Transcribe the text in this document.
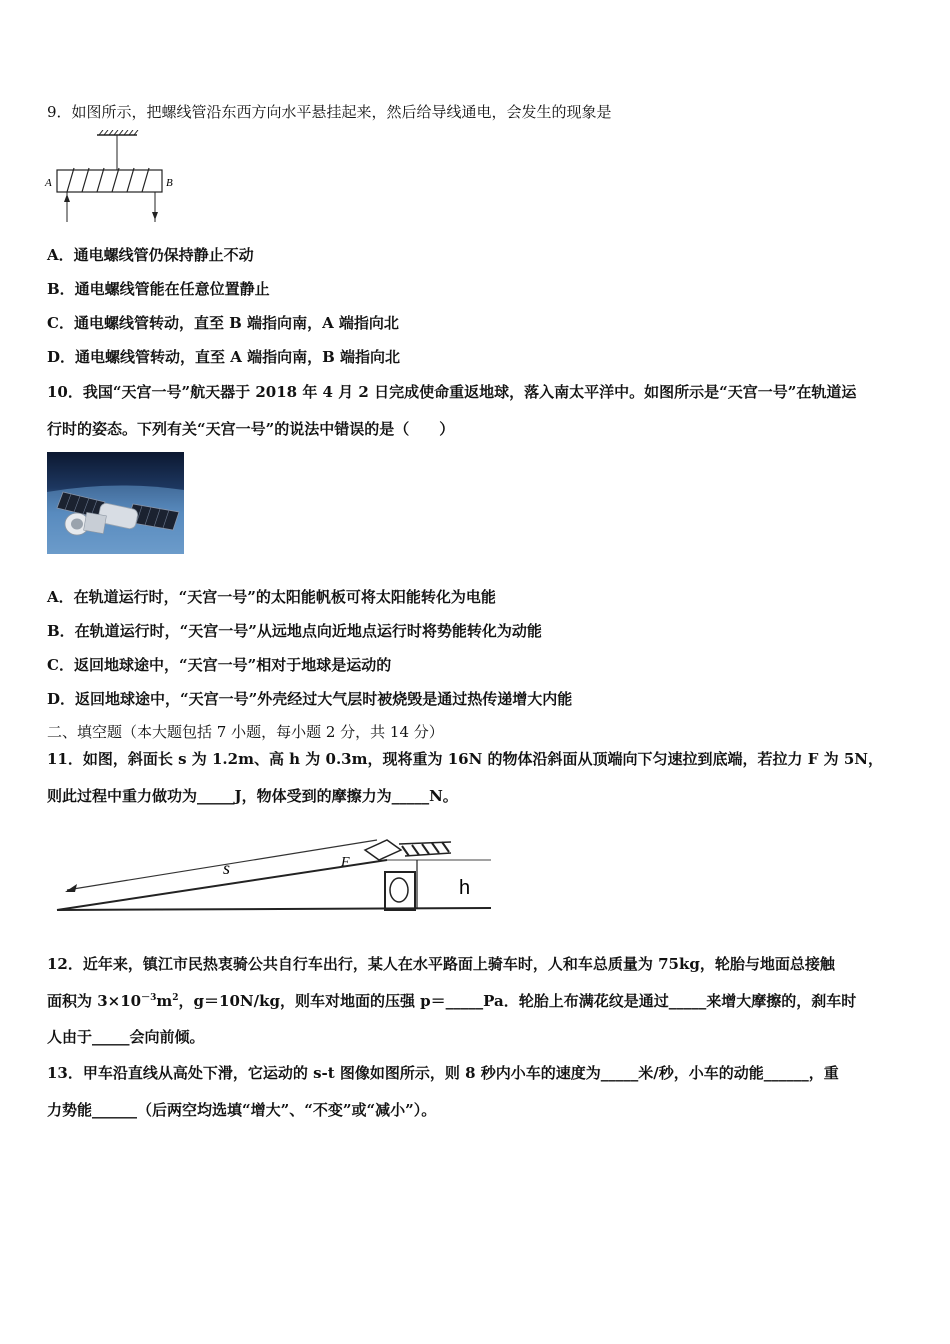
9．如图所示，把螺线管沿东西方向水平悬挂起来，然后给导线通电，会发生的现象是
A	B
A．通电螺线管仍保持静止不动
B．通电螺线管能在任意位置静止
C．通电螺线管转动，直至 B 端指向南，A 端指向北
D．通电螺线管转动，直至 A 端指向南，B 端指向北
10．我国“天宫一号”航天器于 2018 年 4 月 2 日完成使命重返地球，落入南太平洋中。如图所示是“天宫一号”在轨道运
行时的姿态。下列有关“天宫一号”的说法中错误的是（　　）
A．在轨道运行时，“天宫一号”的太阳能帆板可将太阳能转化为电能
B．在轨道运行时，“天宫一号”从远地点向近地点运行时将势能转化为动能
C．返回地球途中，“天宫一号”相对于地球是运动的
D．返回地球途中，“天宫一号”外壳经过大气层时被烧毁是通过热传递增大内能
二、填空题（本大题包括 7 小题，每小题 2 分，共 14 分）
11．如图，斜面长 s 为 1.2m、高 h 为 0.3m，现将重为 16N 的物体沿斜面从顶端向下匀速拉到底端，若拉力 F 为 5N，
则此过程中重力做功为_____J，物体受到的摩擦力为_____N。
s	F
h
12．近年来，镇江市民热衷骑公共自行车出行，某人在水平路面上骑车时，人和车总质量为 75kg，轮胎与地面总接触
面积为 $3\times 10^{-3}m^2$，g＝10N/kg，则车对地面的压强 p＝_____Pa．轮胎上布满花纹是通过_____来增大摩擦的，刹车时
人由于_____会向前倾。
13．甲车沿直线从高处下滑，它运动的 s-t 图像如图所示，则 8 秒内小车的速度为_____米/秒，小车的动能______，重
力势能______（后两空均选填“增大”、“不变”或“减小”）。
